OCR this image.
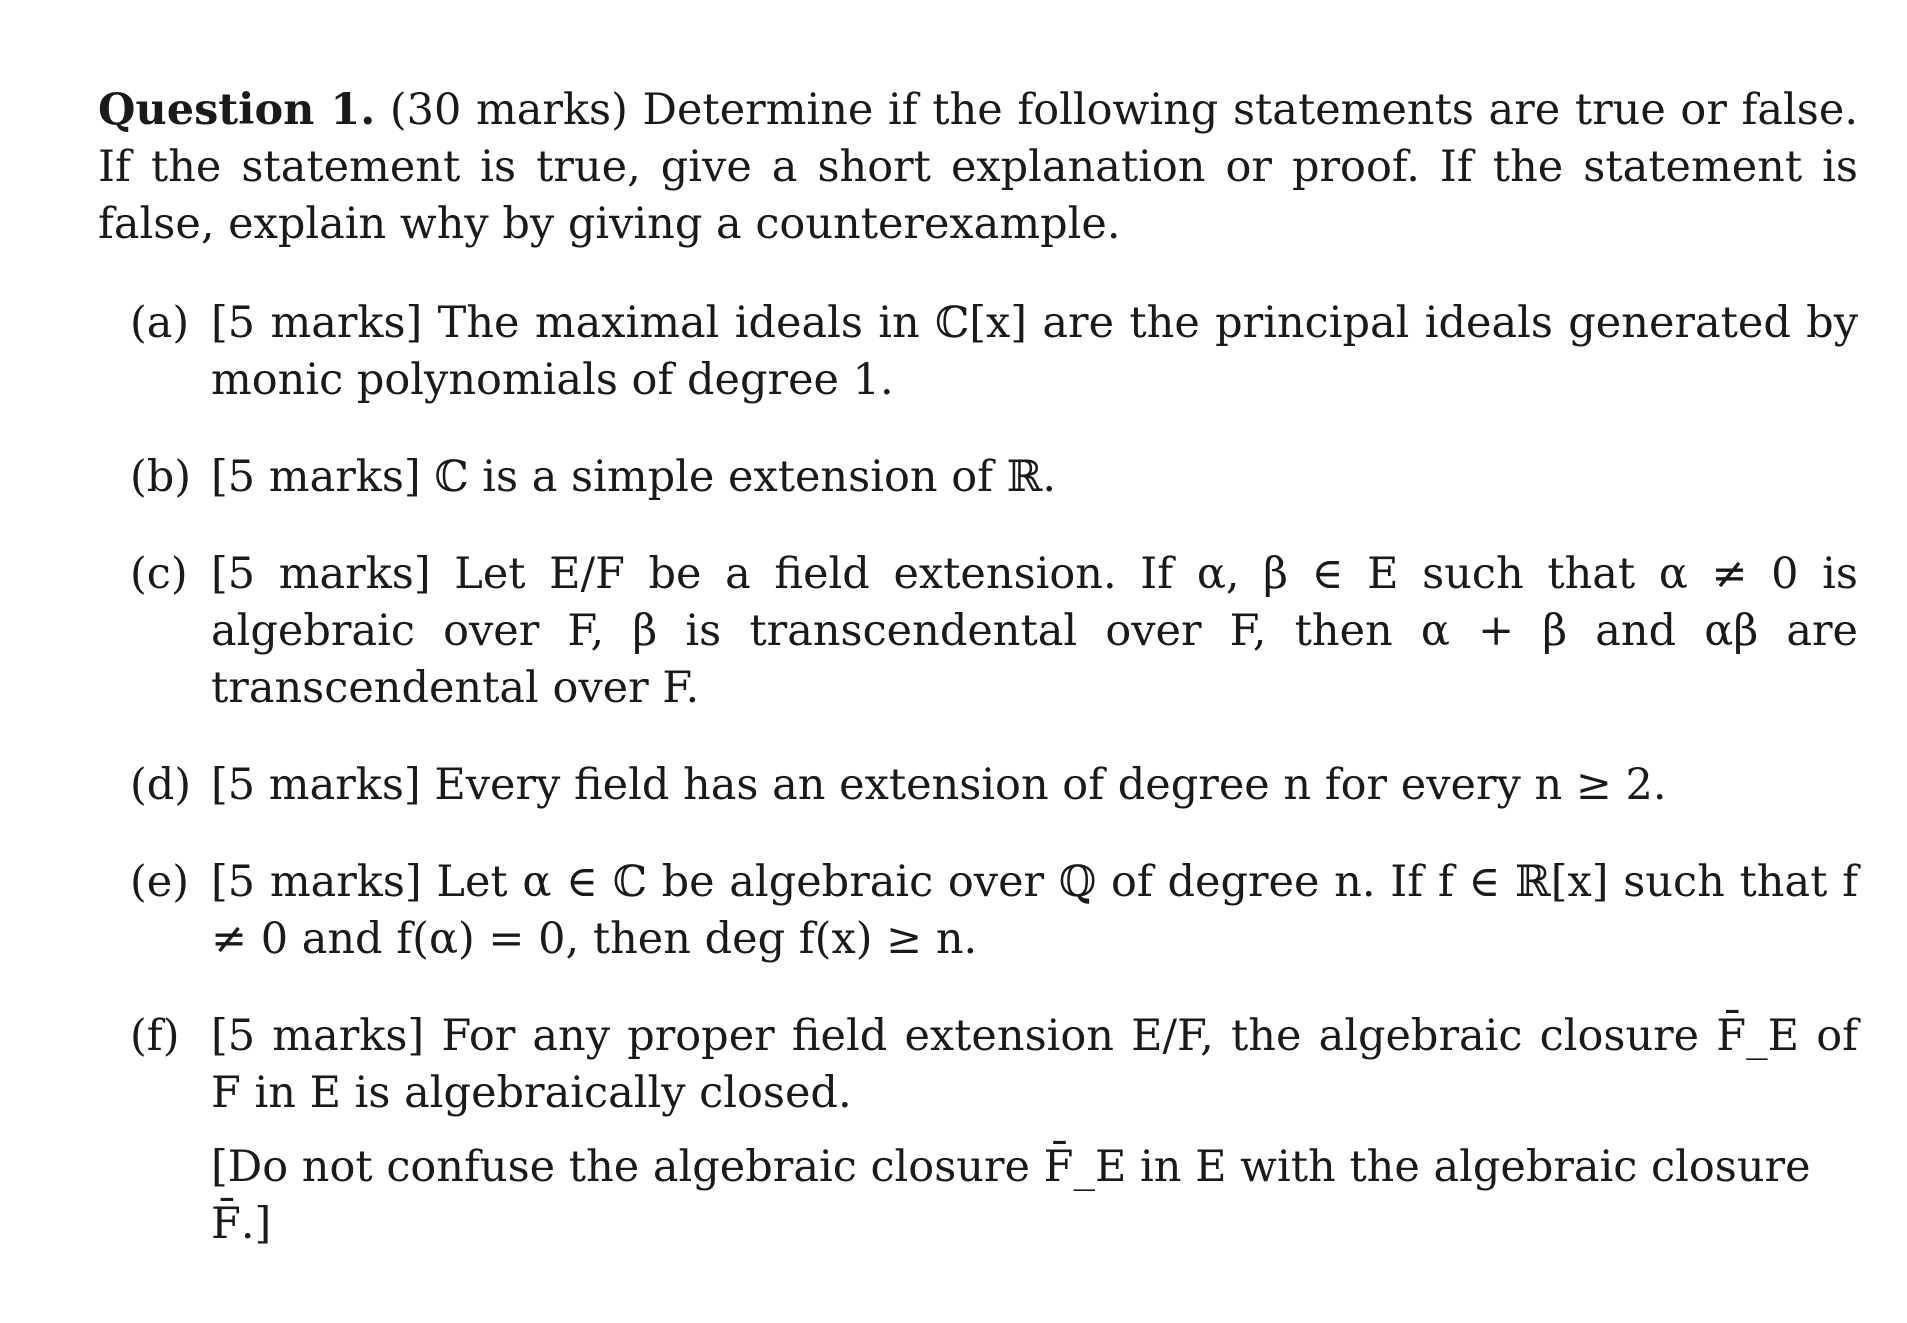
Question 1. (30 marks) Determine if the following statements are true or false. If the statement is true, give a short explanation or proof. If the statement is false, explain why by giving a counterexample.

(a) [5 marks] The maximal ideals in ℂ[x] are the principal ideals generated by monic polynomials of degree 1.
(b) [5 marks] ℂ is a simple extension of ℝ.
(c) [5 marks] Let E/F be a field extension. If α, β ∈ E such that α ≠ 0 is algebraic over F, β is transcendental over F, then α + β and αβ are transcendental over F.
(d) [5 marks] Every field has an extension of degree n for every n ≥ 2.
(e) [5 marks] Let α ∈ ℂ be algebraic over ℚ of degree n. If f ∈ ℝ[x] such that f ≠ 0 and f(α) = 0, then deg f(x) ≥ n.
(f) [5 marks] For any proper field extension E/F, the algebraic closure F̄_E of F in E is algebraically closed.
[Do not confuse the algebraic closure F̄_E in E with the algebraic closure F̄.]
